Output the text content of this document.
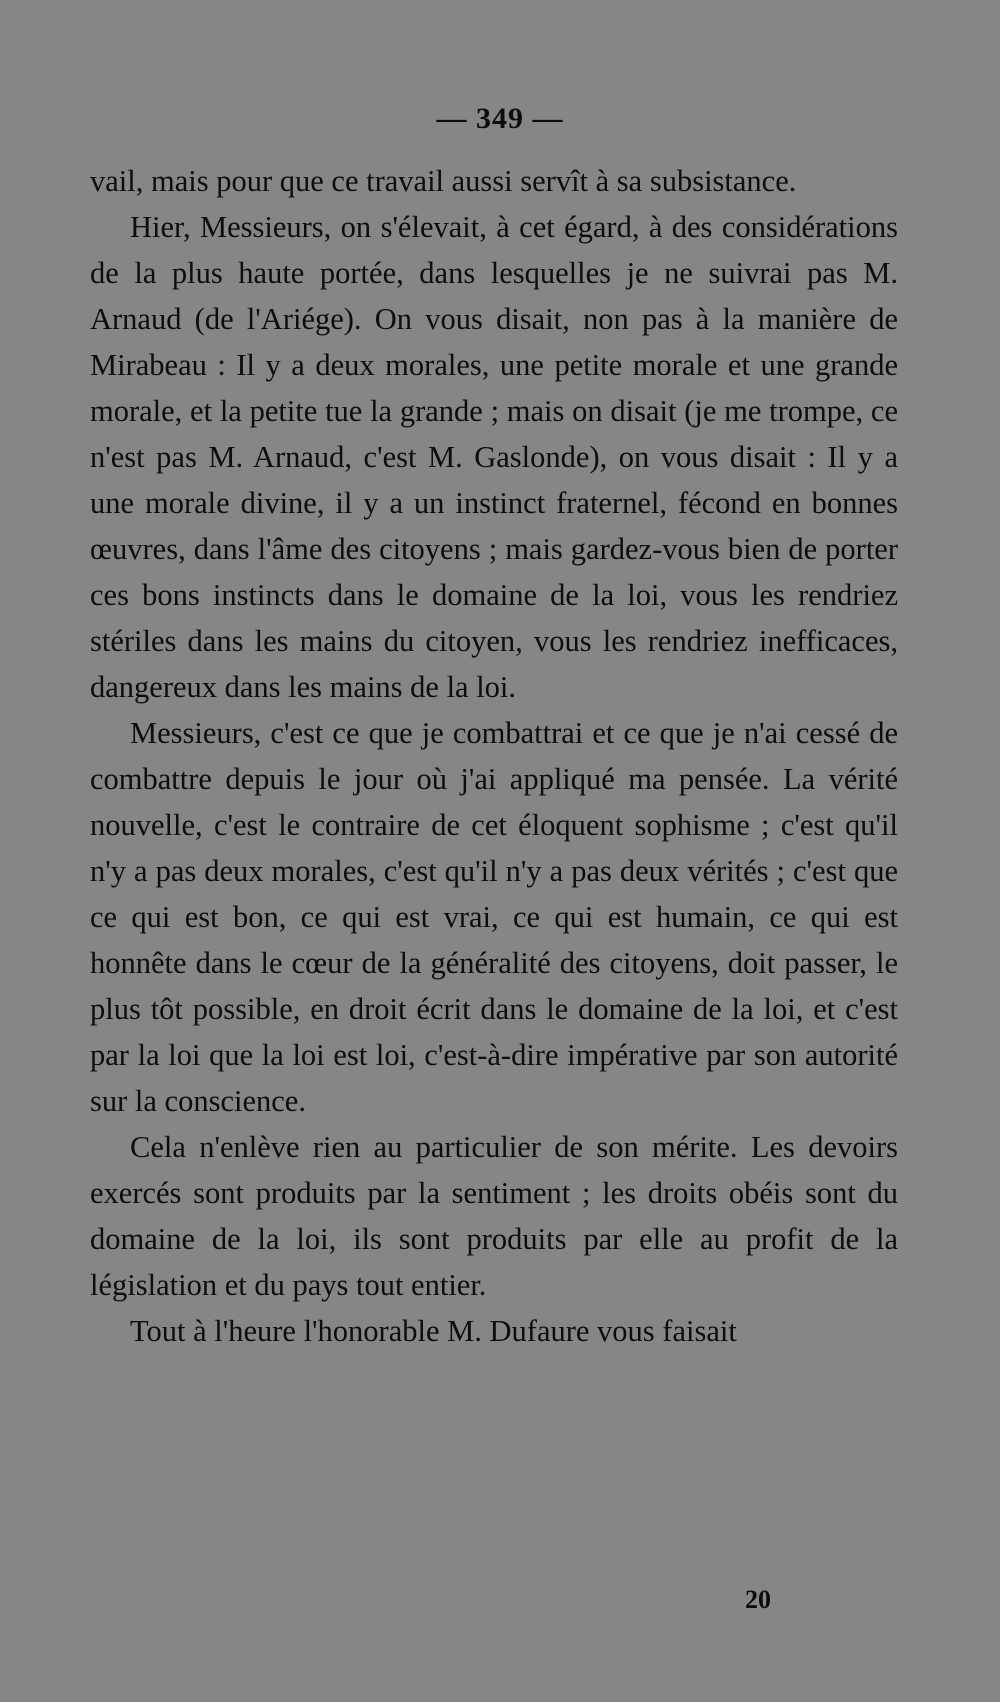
— 349 —

vail, mais pour que ce travail aussi servît à sa subsistance.

Hier, Messieurs, on s'élevait, à cet égard, à des considérations de la plus haute portée, dans lesquelles je ne suivrai pas M. Arnaud (de l'Ariége). On vous disait, non pas à la manière de Mirabeau : Il y a deux morales, une petite morale et une grande morale, et la petite tue la grande ; mais on disait (je me trompe, ce n'est pas M. Arnaud, c'est M. Gaslonde), on vous disait : Il y a une morale divine, il y a un instinct fraternel, fécond en bonnes œuvres, dans l'âme des citoyens ; mais gardez-vous bien de porter ces bons instincts dans le domaine de la loi, vous les rendriez stériles dans les mains du citoyen, vous les rendriez inefficaces, dangereux dans les mains de la loi.

Messieurs, c'est ce que je combattrai et ce que je n'ai cessé de combattre depuis le jour où j'ai appliqué ma pensée. La vérité nouvelle, c'est le contraire de cet éloquent sophisme ; c'est qu'il n'y a pas deux morales, c'est qu'il n'y a pas deux vérités ; c'est que ce qui est bon, ce qui est vrai, ce qui est humain, ce qui est honnête dans le cœur de la généralité des citoyens, doit passer, le plus tôt possible, en droit écrit dans le domaine de la loi, et c'est par la loi que la loi est loi, c'est-à-dire impérative par son autorité sur la conscience.

Cela n'enlève rien au particulier de son mérite. Les devoirs exercés sont produits par la sentiment ; les droits obéis sont du domaine de la loi, ils sont produits par elle au profit de la législation et du pays tout entier.

Tout à l'heure l'honorable M. Dufaure vous faisait

20
